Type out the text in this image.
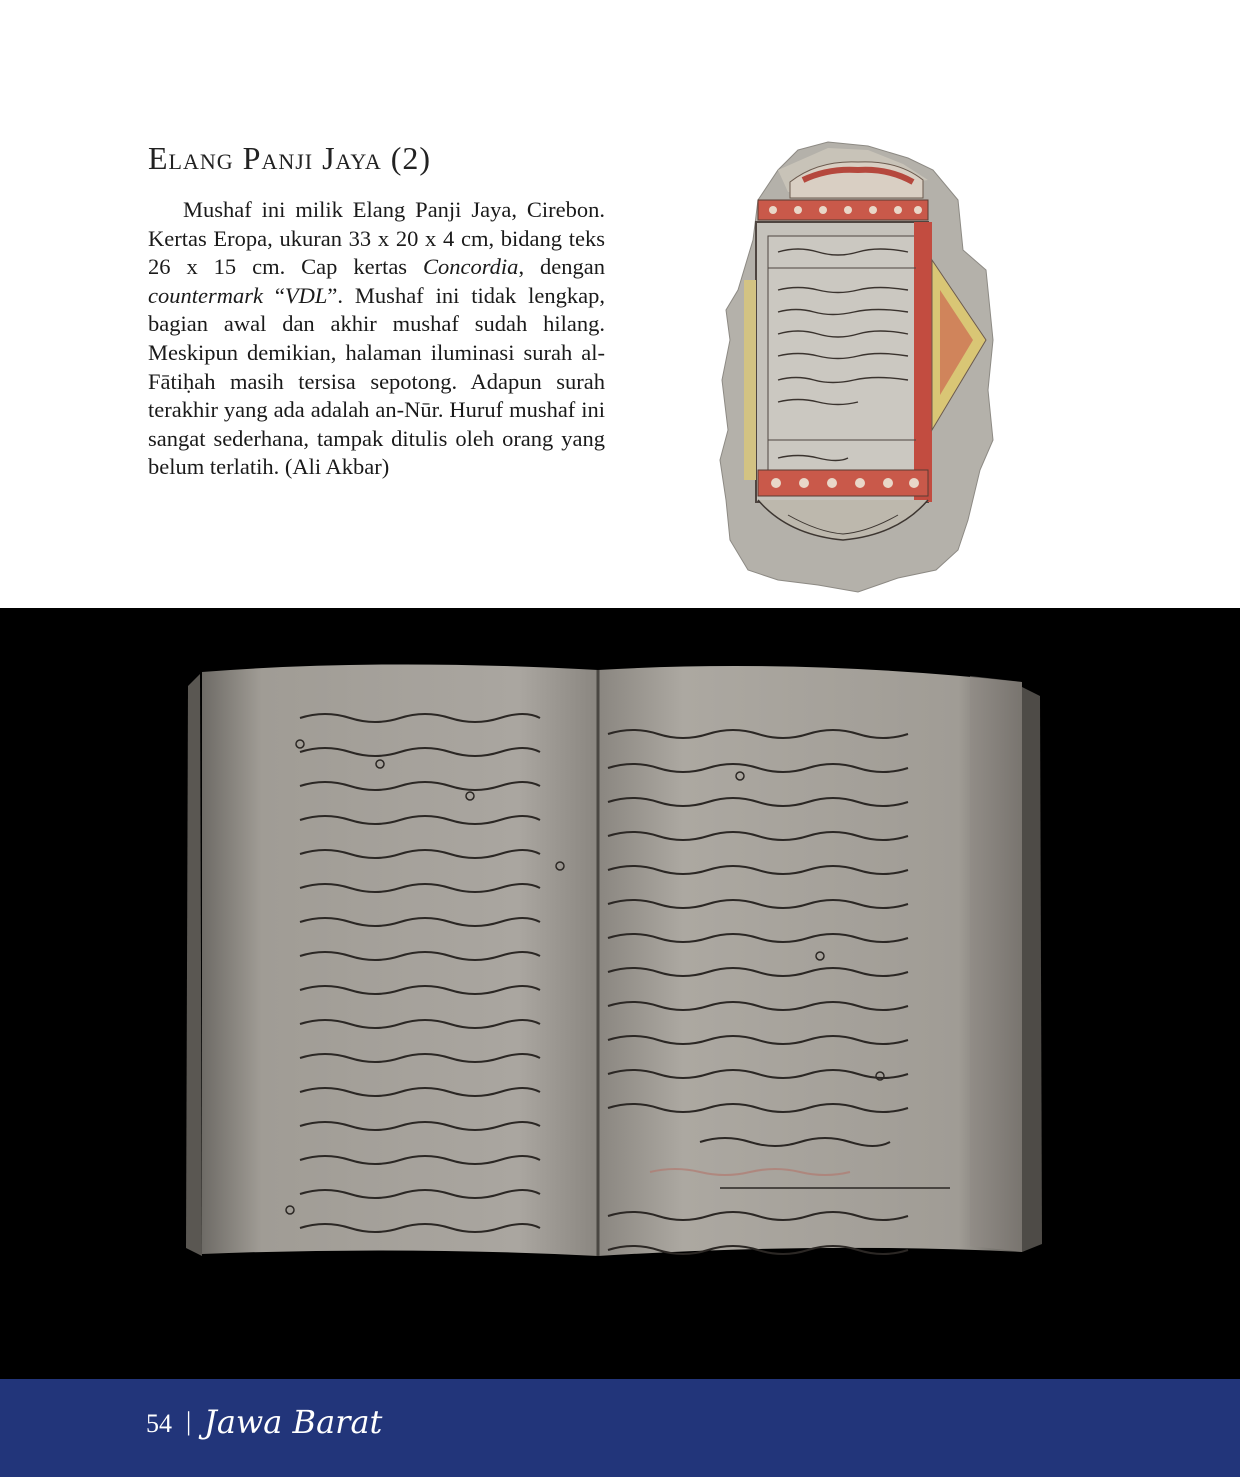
Elang Panji Jaya (2)

Mushaf ini milik Elang Panji Jaya, Cirebon. Kertas Eropa, ukuran 33 x 20 x 4 cm, bidang teks 26 x 15 cm. Cap kertas Concordia, dengan countermark “VDL”. Mushaf ini tidak lengkap, bagian awal dan akhir mushaf sudah hilang. Meskipun demikian, halaman iluminasi surah al-Fātiḥah masih tersisa sepotong. Adapun surah terakhir yang ada adalah an-Nūr. Huruf mushaf ini sangat sederhana, tampak ditulis oleh orang yang belum terlatih. (Ali Akbar)

54 | Jawa Barat
